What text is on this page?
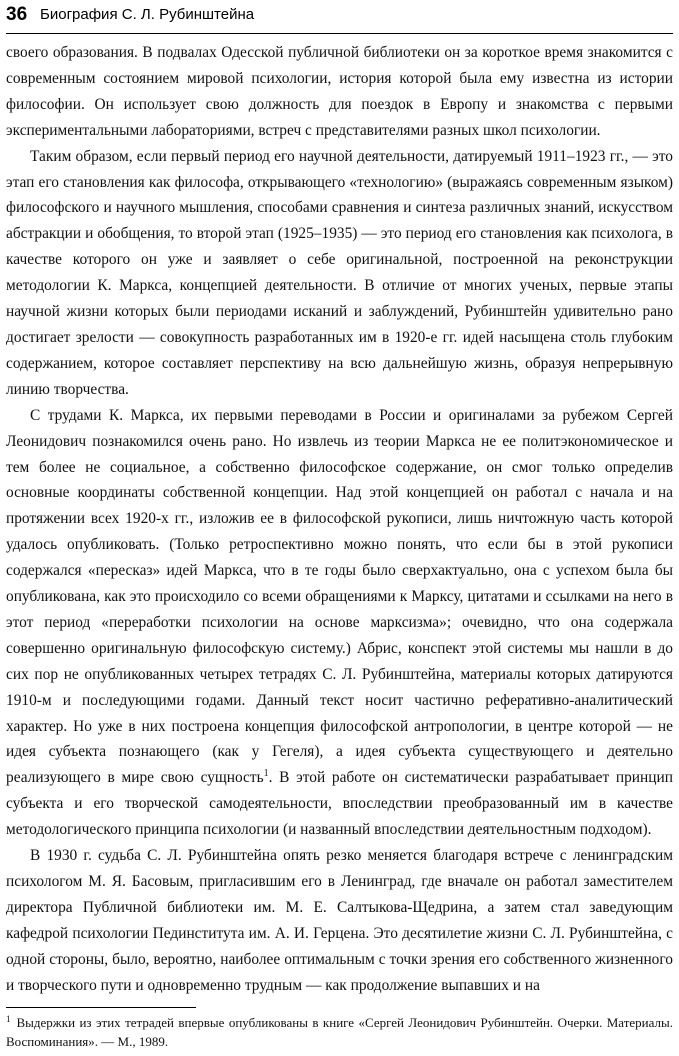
36 Биография С. Л. Рубинштейна

своего образования. В подвалах Одесской публичной библиотеки он за короткое время знакомится с современным состоянием мировой психологии, история которой была ему известна из истории философии. Он использует свою должность для поездок в Европу и знакомства с первыми экспериментальными лабораториями, встреч с представителями разных школ психологии.

Таким образом, если первый период его научной деятельности, датируемый 1911–1923 гг., — это этап его становления как философа, открывающего «технологию» (выражаясь современным языком) философского и научного мышления, способами сравнения и синтеза различных знаний, искусством абстракции и обобщения, то второй этап (1925–1935) — это период его становления как психолога, в качестве которого он уже и заявляет о себе оригинальной, построенной на реконструкции методологии К. Маркса, концепцией деятельности. В отличие от многих ученых, первые этапы научной жизни которых были периодами исканий и заблуждений, Рубинштейн удивительно рано достигает зрелости — совокупность разработанных им в 1920-е гг. идей насыщена столь глубоким содержанием, которое составляет перспективу на всю дальнейшую жизнь, образуя непрерывную линию творчества.

С трудами К. Маркса, их первыми переводами в России и оригиналами за рубежом Сергей Леонидович познакомился очень рано. Но извлечь из теории Маркса не ее политэкономическое и тем более не социальное, а собственно философское содержание, он смог только определив основные координаты собственной концепции. Над этой концепцией он работал с начала и на протяжении всех 1920-х гг., изложив ее в философской рукописи, лишь ничтожную часть которой удалось опубликовать. (Только ретроспективно можно понять, что если бы в этой рукописи содержался «пересказ» идей Маркса, что в те годы было сверхактуально, она с успехом была бы опубликована, как это происходило со всеми обращениями к Марксу, цитатами и ссылками на него в этот период «переработки психологии на основе марксизма»; очевидно, что она содержала совершенно оригинальную философскую систему.) Абрис, конспект этой системы мы нашли в до сих пор не опубликованных четырех тетрадях С. Л. Рубинштейна, материалы которых датируются 1910-м и последующими годами. Данный текст носит частично реферативно-аналитический характер. Но уже в них построена концепция философской антропологии, в центре которой — не идея субъекта познающего (как у Гегеля), а идея субъекта существующего и деятельно реализующего в мире свою сущность$^1$. В этой работе он систематически разрабатывает принцип субъекта и его творческой самодеятельности, впоследствии преобразованный им в качестве методологического принципа психологии (и названный впоследствии деятельностным подходом).

В 1930 г. судьба С. Л. Рубинштейна опять резко меняется благодаря встрече с ленинградским психологом М. Я. Басовым, пригласившим его в Ленинград, где вначале он работал заместителем директора Публичной библиотеки им. М. Е. Салтыкова-Щедрина, а затем стал заведующим кафедрой психологии Пединститута им. А. И. Герцена. Это десятилетие жизни С. Л. Рубинштейна, с одной стороны, было, вероятно, наиболее оптимальным с точки зрения его собственного жизненного и творческого пути и одновременно трудным — как продолжение выпавших и на

$^1$ Выдержки из этих тетрадей впервые опубликованы в книге «Сергей Леонидович Рубинштейн. Очерки. Материалы. Воспоминания». — М., 1989.
